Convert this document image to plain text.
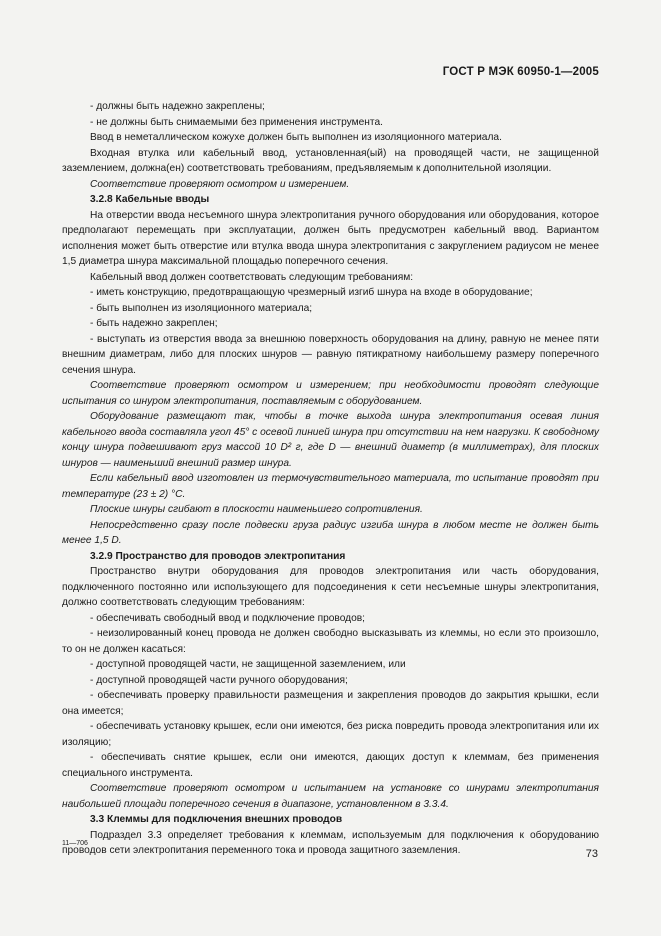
ГОСТ Р МЭК 60950-1—2005

- должны быть надежно закреплены;

- не должны быть снимаемыми без применения инструмента.

Ввод в неметаллическом кожухе должен быть выполнен из изоляционного материала.

Входная втулка или кабельный ввод, установленная(ый) на проводящей части, не защищенной заземлением, должна(ен) соответствовать требованиям, предъявляемым к дополнительной изоляции.

Соответствие проверяют осмотром и измерением.

3.2.8 Кабельные вводы

На отверстии ввода несъемного шнура электропитания ручного оборудования или оборудования, которое предполагают перемещать при эксплуатации, должен быть предусмотрен кабельный ввод. Вариантом исполнения может быть отверстие или втулка ввода шнура электропитания с закруглением радиусом не менее 1,5 диаметра шнура максимальной площадью поперечного сечения.

Кабельный ввод должен соответствовать следующим требованиям:

- иметь конструкцию, предотвращающую чрезмерный изгиб шнура на входе в оборудование;

- быть выполнен из изоляционного материала;

- быть надежно закреплен;

- выступать из отверстия ввода за внешнюю поверхность оборудования на длину, равную не менее пяти внешним диаметрам, либо для плоских шнуров — равную пятикратному наибольшему размеру поперечного сечения шнура.

Соответствие проверяют осмотром и измерением; при необходимости проводят следующие испытания со шнуром электропитания, поставляемым с оборудованием.

Оборудование размещают так, чтобы в точке выхода шнура электропитания осевая линия кабельного ввода составляла угол 45° с осевой линией шнура при отсутствии на нем нагрузки. К свободному концу шнура подвешивают груз массой 10 D² г, где D — внешний диаметр (в миллиметрах), для плоских шнуров — наименьший внешний размер шнура.

Если кабельный ввод изготовлен из термочувствительного материала, то испытание проводят при температуре (23 ± 2) °С.

Плоские шнуры сгибают в плоскости наименьшего сопротивления.

Непосредственно сразу после подвески груза радиус изгиба шнура в любом месте не должен быть менее 1,5 D.

3.2.9 Пространство для проводов электропитания

Пространство внутри оборудования для проводов электропитания или часть оборудования, подключенного постоянно или использующего для подсоединения к сети несъемные шнуры электропитания, должно соответствовать следующим требованиям:

- обеспечивать свободный ввод и подключение проводов;

- неизолированный конец провода не должен свободно высказывать из клеммы, но если это произошло, то он не должен касаться:

- доступной проводящей части, не защищенной заземлением, или

- доступной проводящей части ручного оборудования;

- обеспечивать проверку правильности размещения и закрепления проводов до закрытия крышки, если она имеется;

- обеспечивать установку крышек, если они имеются, без риска повредить провода электропитания или их изоляцию;

- обеспечивать снятие крышек, если они имеются, дающих доступ к клеммам, без применения специального инструмента.

Соответствие проверяют осмотром и испытанием на установке со шнурами электропитания наибольшей площади поперечного сечения в диапазоне, установленном в 3.3.4.

3.3 Клеммы для подключения внешних проводов

Подраздел 3.3 определяет требования к клеммам, используемым для подключения к оборудованию проводов сети электропитания переменного тока и провода защитного заземления.

11—706
73
